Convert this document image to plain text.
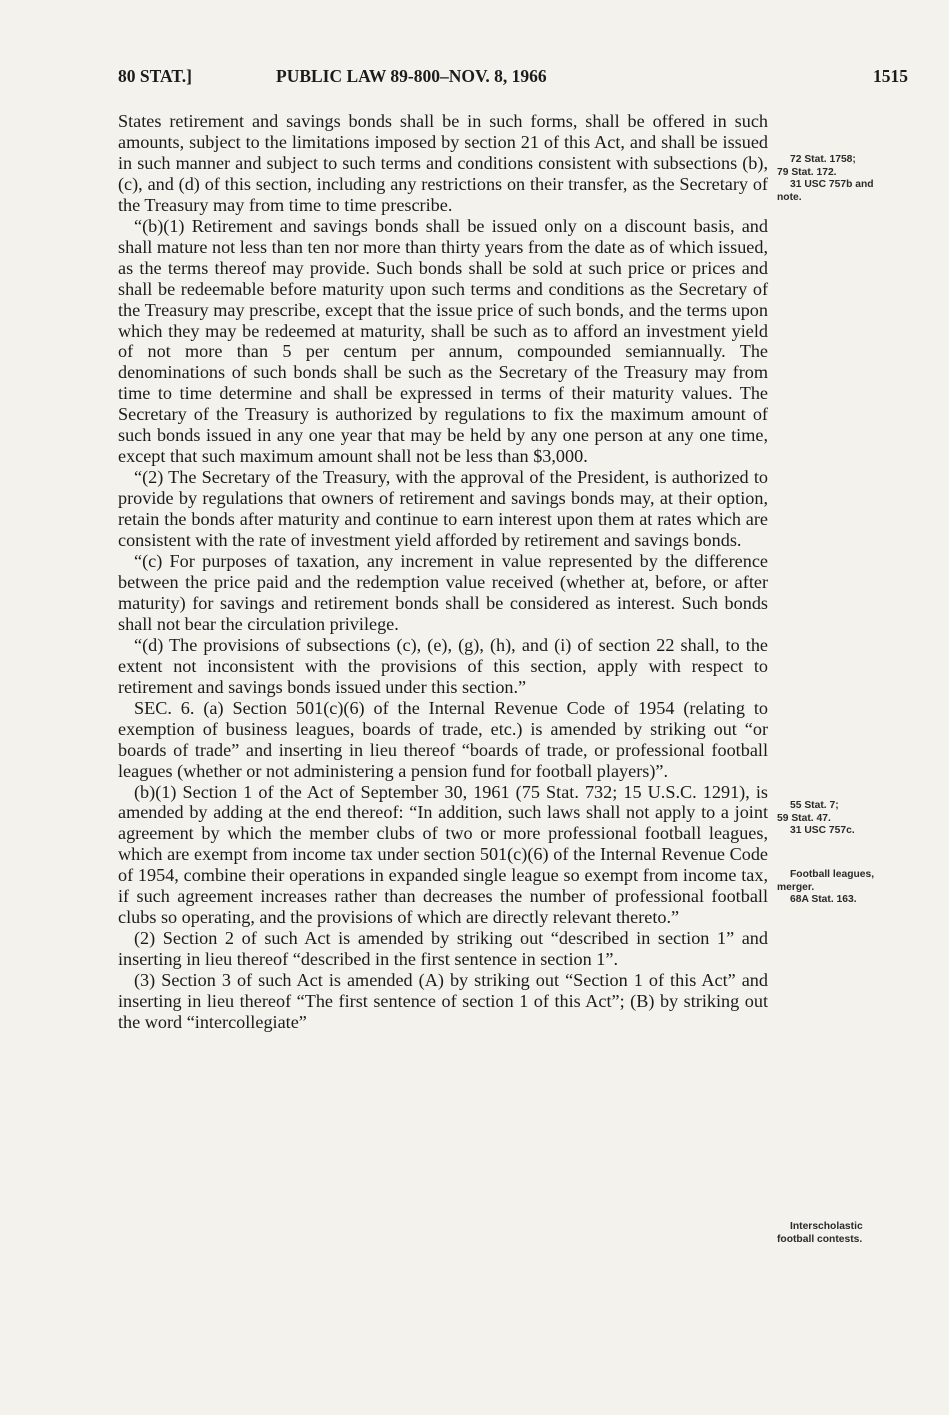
80 STAT.]	PUBLIC LAW 89-800–NOV. 8, 1966	1515

States retirement and savings bonds shall be in such forms, shall be offered in such amounts, subject to the limitations imposed by section 21 of this Act, and shall be issued in such manner and subject to such terms and conditions consistent with subsections (b), (c), and (d) of this section, including any restrictions on their transfer, as the Secretary of the Treasury may from time to time prescribe.

“(b)(1) Retirement and savings bonds shall be issued only on a discount basis, and shall mature not less than ten nor more than thirty years from the date as of which issued, as the terms thereof may provide. Such bonds shall be sold at such price or prices and shall be redeemable before maturity upon such terms and conditions as the Secretary of the Treasury may prescribe, except that the issue price of such bonds, and the terms upon which they may be redeemed at maturity, shall be such as to afford an investment yield of not more than 5 per centum per annum, compounded semiannually. The denominations of such bonds shall be such as the Secretary of the Treasury may from time to time determine and shall be expressed in terms of their maturity values. The Secretary of the Treasury is authorized by regulations to fix the maximum amount of such bonds issued in any one year that may be held by any one person at any one time, except that such maximum amount shall not be less than $3,000.

“(2) The Secretary of the Treasury, with the approval of the President, is authorized to provide by regulations that owners of retirement and savings bonds may, at their option, retain the bonds after maturity and continue to earn interest upon them at rates which are consistent with the rate of investment yield afforded by retirement and savings bonds.

“(c) For purposes of taxation, any increment in value represented by the difference between the price paid and the redemption value received (whether at, before, or after maturity) for savings and retirement bonds shall be considered as interest. Such bonds shall not bear the circulation privilege.

“(d) The provisions of subsections (c), (e), (g), (h), and (i) of section 22 shall, to the extent not inconsistent with the provisions of this section, apply with respect to retirement and savings bonds issued under this section.”

SEC. 6. (a) Section 501(c)(6) of the Internal Revenue Code of 1954 (relating to exemption of business leagues, boards of trade, etc.) is amended by striking out “or boards of trade” and inserting in lieu thereof “boards of trade, or professional football leagues (whether or not administering a pension fund for football players)”.

(b)(1) Section 1 of the Act of September 30, 1961 (75 Stat. 732; 15 U.S.C. 1291), is amended by adding at the end thereof: “In addition, such laws shall not apply to a joint agreement by which the member clubs of two or more professional football leagues, which are exempt from income tax under section 501(c)(6) of the Internal Revenue Code of 1954, combine their operations in expanded single league so exempt from income tax, if such agreement increases rather than decreases the number of professional football clubs so operating, and the provisions of which are directly relevant thereto.”

(2) Section 2 of such Act is amended by striking out “described in section 1” and inserting in lieu thereof “described in the first sentence in section 1”.

(3) Section 3 of such Act is amended (A) by striking out “Section 1 of this Act” and inserting in lieu thereof “The first sentence of section 1 of this Act”; (B) by striking out the word “intercollegiate”

72 Stat. 1758;
79 Stat. 172.
31 USC 757b and
note.
55 Stat. 7;
59 Stat. 47.
31 USC 757c.
Football leagues,
merger.
68A Stat. 163.
Interscholastic
football contests.
